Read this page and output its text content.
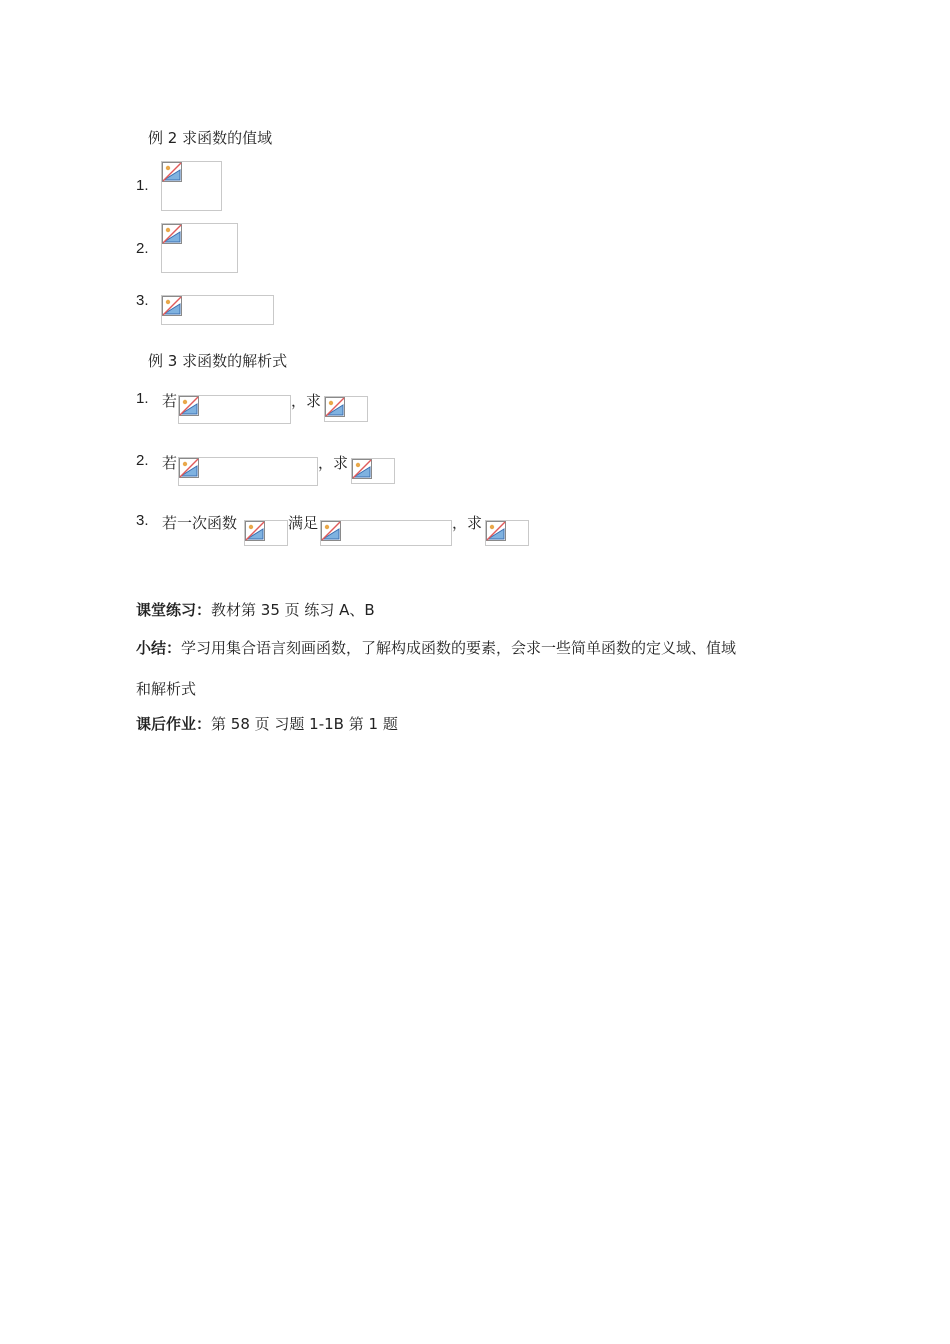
例 2 求函数的值域
1.
2.
3.
例 3 求函数的解析式
1. 若	，求
2. 若	，求
3. 若一次函数	满足	，求
课堂练习：教材第 35 页 练习 A、B
小结：学习用集合语言刻画函数，了解构成函数的要素，会求一些简单函数的定义域、值域
和解析式
课后作业：第 58 页 习题 1-1B 第 1 题
